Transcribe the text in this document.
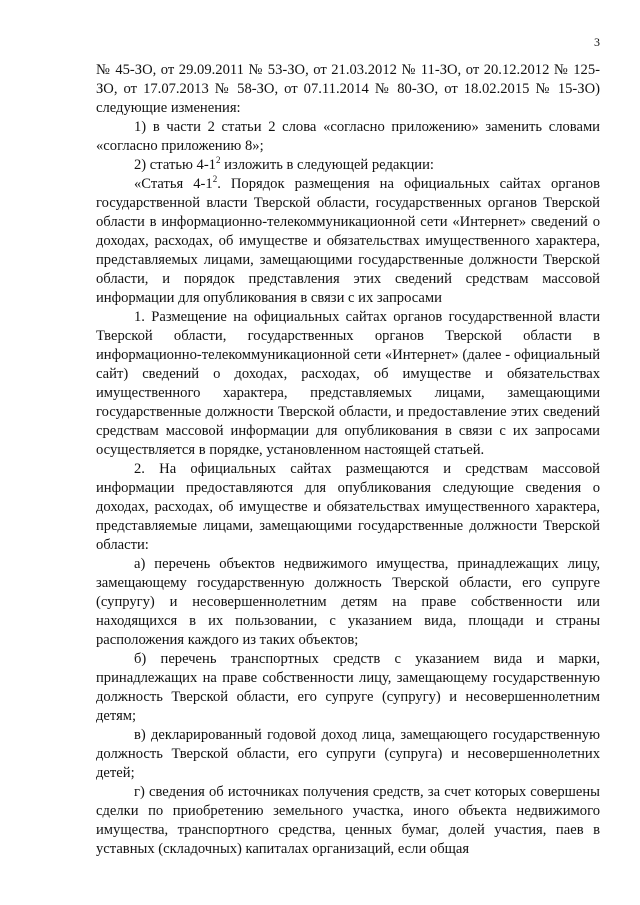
3

№ 45-ЗО, от 29.09.2011 № 53-ЗО, от 21.03.2012 № 11-ЗО, от 20.12.2012 № 125-ЗО, от 17.07.2013 № 58-ЗО, от 07.11.2014 № 80-ЗО, от 18.02.2015 № 15-ЗО) следующие изменения:

1) в части 2 статьи 2 слова «согласно приложению» заменить словами «согласно приложению 8»;

2) статью $4-1^2$ изложить в следующей редакции:

«Статья $4-1^2$. Порядок размещения на официальных сайтах органов государственной власти Тверской области, государственных органов Тверской области в информационно-телекоммуникационной сети «Интернет» сведений о доходах, расходах, об имуществе и обязательствах имущественного характера, представляемых лицами, замещающими государственные должности Тверской области, и порядок представления этих сведений средствам массовой информации для опубликования в связи с их запросами

1. Размещение на официальных сайтах органов государственной власти Тверской области, государственных органов Тверской области в информационно-телекоммуникационной сети «Интернет» (далее - официальный сайт) сведений о доходах, расходах, об имуществе и обязательствах имущественного характера, представляемых лицами, замещающими государственные должности Тверской области, и предоставление этих сведений средствам массовой информации для опубликования в связи с их запросами осуществляется в порядке, установленном настоящей статьей.

2. На официальных сайтах размещаются и средствам массовой информации предоставляются для опубликования следующие сведения о доходах, расходах, об имуществе и обязательствах имущественного характера, представляемые лицами, замещающими государственные должности Тверской области:

а) перечень объектов недвижимого имущества, принадлежащих лицу, замещающему государственную должность Тверской области, его супруге (супругу) и несовершеннолетним детям на праве собственности или находящихся в их пользовании, с указанием вида, площади и страны расположения каждого из таких объектов;

б) перечень транспортных средств с указанием вида и марки, принадлежащих на праве собственности лицу, замещающему государственную должность Тверской области, его супруге (супругу) и несовершеннолетним детям;

в) декларированный годовой доход лица, замещающего государственную должность Тверской области, его супруги (супруга) и несовершеннолетних детей;

г) сведения об источниках получения средств, за счет которых совершены сделки по приобретению земельного участка, иного объекта недвижимого имущества, транспортного средства, ценных бумаг, долей участия, паев в уставных (складочных) капиталах организаций, если общая
